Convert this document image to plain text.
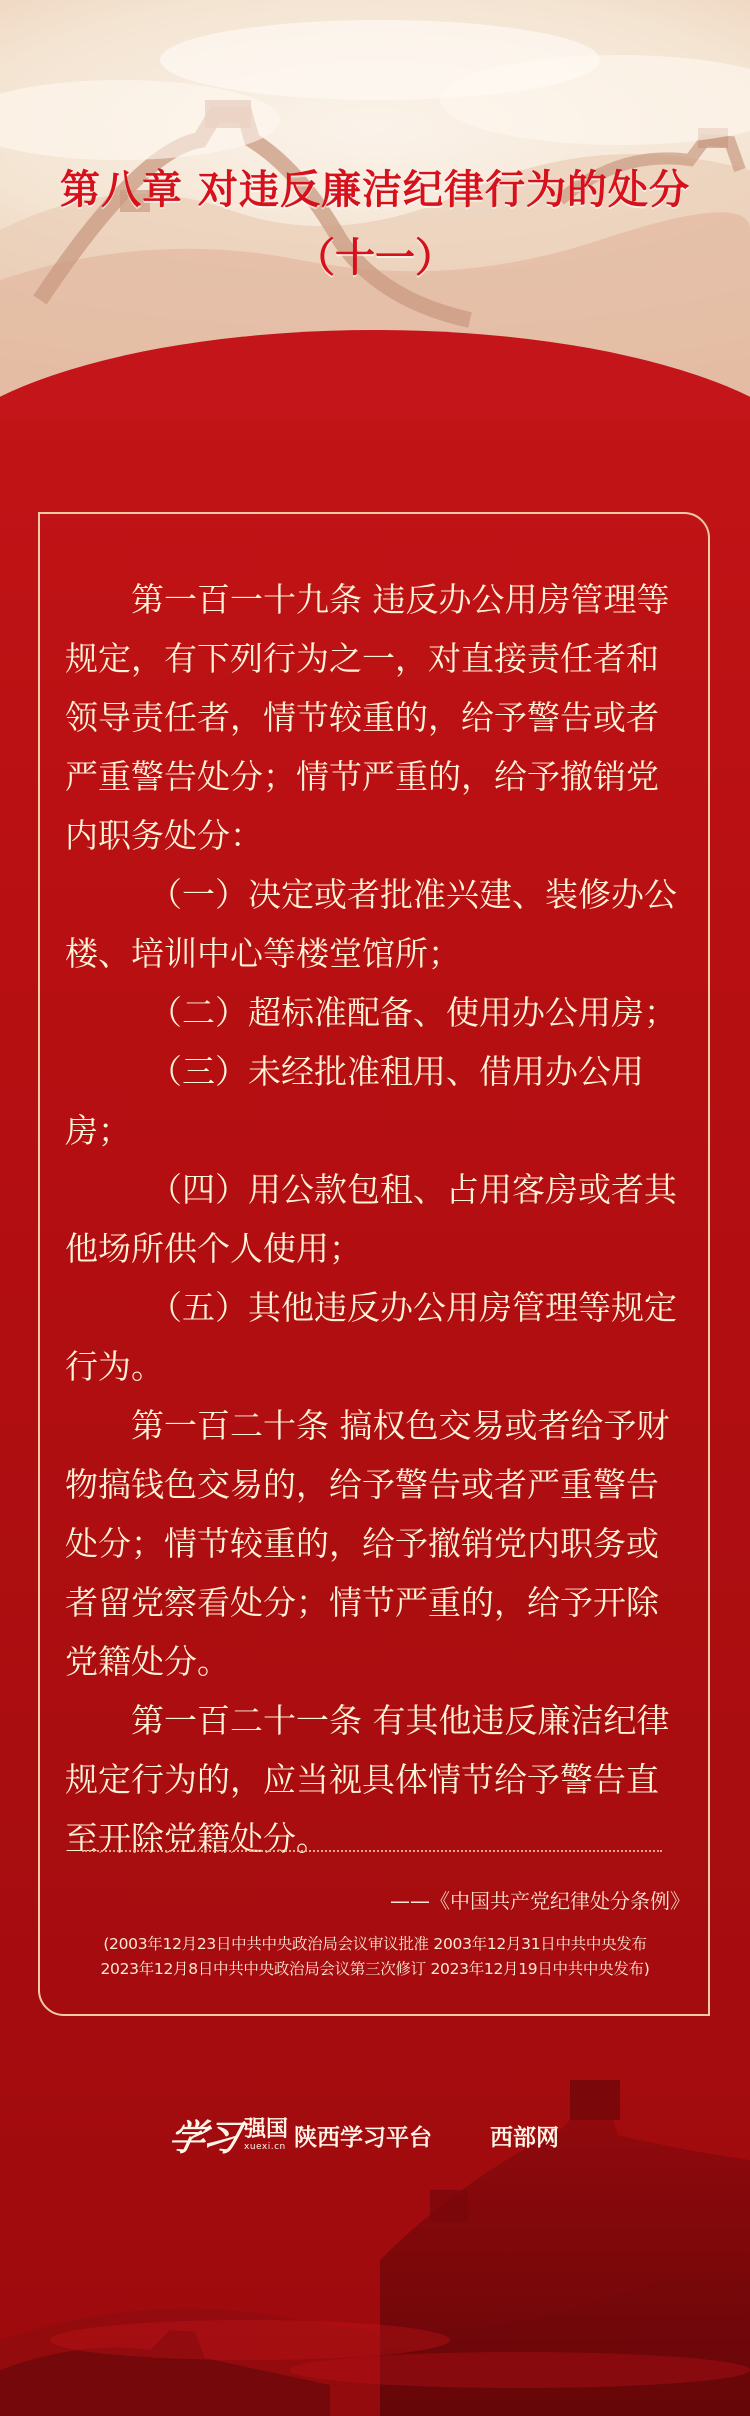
第八章 对违反廉洁纪律行为的处分
（十一）

第一百一十九条 违反办公用房管理等规定，有下列行为之一，对直接责任者和领导责任者，情节较重的，给予警告或者严重警告处分；情节严重的，给予撤销党内职务处分：

（一）决定或者批准兴建、装修办公楼、培训中心等楼堂馆所；

（二）超标准配备、使用办公用房；

（三）未经批准租用、借用办公用房；

（四）用公款包租、占用客房或者其他场所供个人使用；

（五）其他违反办公用房管理等规定行为。

第一百二十条 搞权色交易或者给予财物搞钱色交易的，给予警告或者严重警告处分；情节较重的，给予撤销党内职务或者留党察看处分；情节严重的，给予开除党籍处分。

第一百二十一条 有其他违反廉洁纪律规定行为的，应当视具体情节给予警告直至开除党籍处分。

——《中国共产党纪律处分条例》
(2003年12月23日中共中央政治局会议审议批准 2003年12月31日中共中央发布
2023年12月8日中共中央政治局会议第三次修订 2023年12月19日中共中央发布)
学习 强国
xuexi.cn 陕西学习平台	西部网
